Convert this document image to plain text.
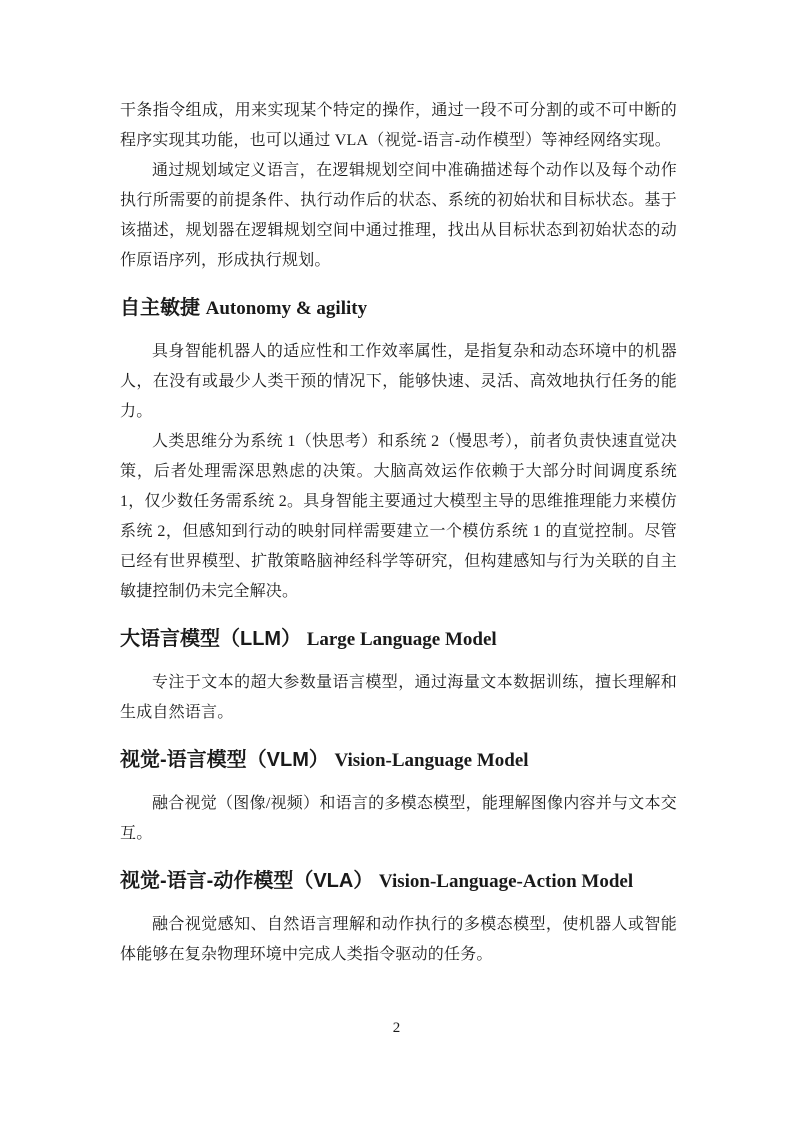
干条指令组成，用来实现某个特定的操作，通过一段不可分割的或不可中断的程序实现其功能，也可以通过 VLA（视觉-语言-动作模型）等神经网络实现。

通过规划域定义语言，在逻辑规划空间中准确描述每个动作以及每个动作执行所需要的前提条件、执行动作后的状态、系统的初始状和目标状态。基于该描述，规划器在逻辑规划空间中通过推理，找出从目标状态到初始状态的动作原语序列，形成执行规划。

自主敏捷 Autonomy & agility

具身智能机器人的适应性和工作效率属性，是指复杂和动态环境中的机器人，在没有或最少人类干预的情况下，能够快速、灵活、高效地执行任务的能力。

人类思维分为系统 1（快思考）和系统 2（慢思考），前者负责快速直觉决策，后者处理需深思熟虑的决策。大脑高效运作依赖于大部分时间调度系统 1，仅少数任务需系统 2。具身智能主要通过大模型主导的思维推理能力来模仿系统 2，但感知到行动的映射同样需要建立一个模仿系统 1 的直觉控制。尽管已经有世界模型、扩散策略脑神经科学等研究，但构建感知与行为关联的自主敏捷控制仍未完全解决。

大语言模型（LLM） Large Language Model

专注于文本的超大参数量语言模型，通过海量文本数据训练，擅长理解和生成自然语言。

视觉-语言模型（VLM） Vision-Language Model

融合视觉（图像/视频）和语言的多模态模型，能理解图像内容并与文本交互。

视觉-语言-动作模型（VLA） Vision-Language-Action Model

融合视觉感知、自然语言理解和动作执行的多模态模型，使机器人或智能体能够在复杂物理环境中完成人类指令驱动的任务。

2
